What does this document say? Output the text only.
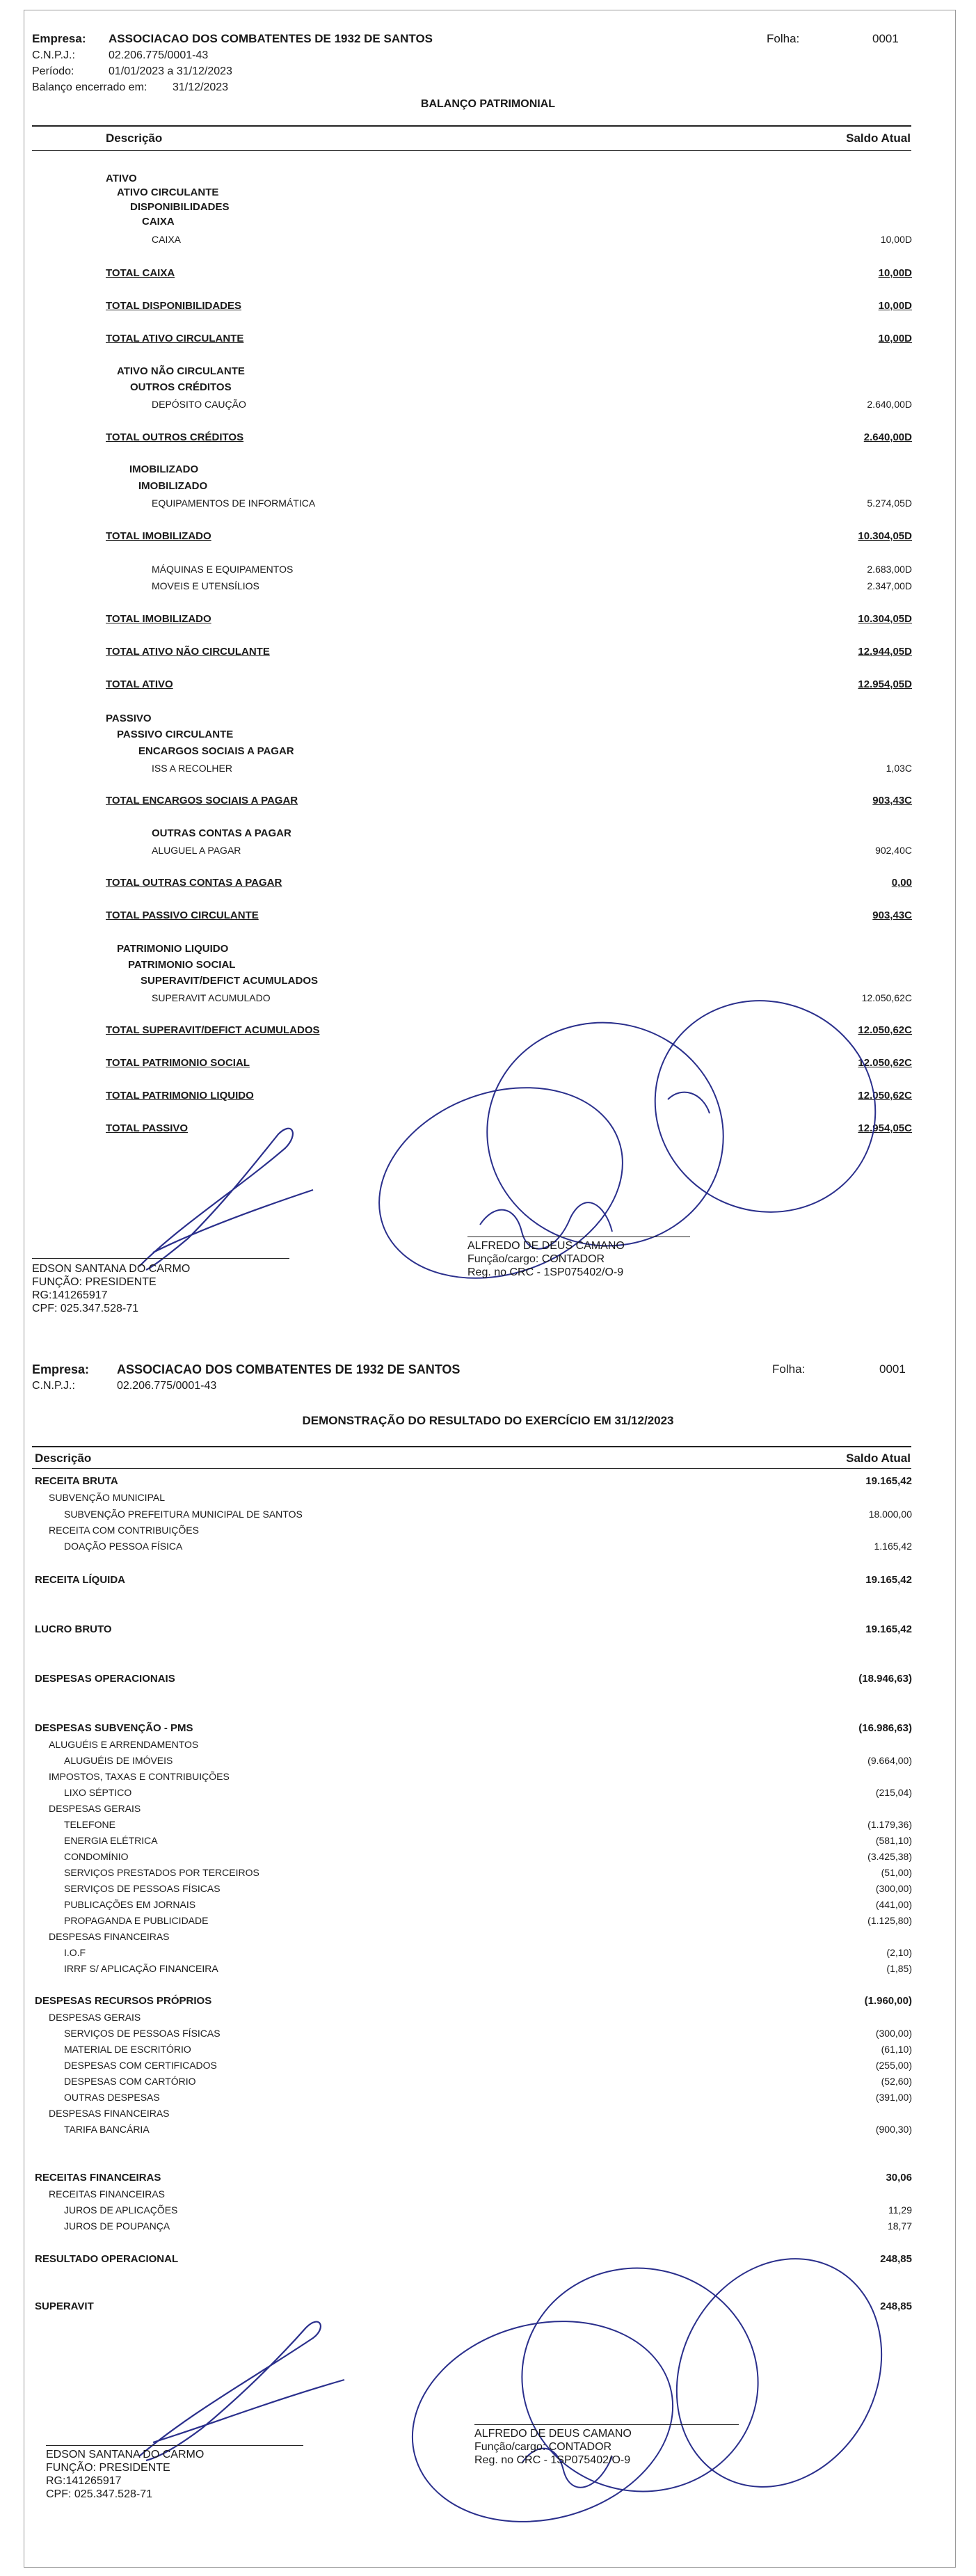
Empresa: ASSOCIACAO DOS COMBATENTES DE 1932 DE SANTOS	Folha:	0001
C.N.P.J.:	02.206.775/0001-43
Período:	01/01/2023 a 31/12/2023
Balanço encerrado em: 31/12/2023
BALANÇO PATRIMONIAL
Descrição	Saldo Atual
ATIVO
ATIVO CIRCULANTE
DISPONIBILIDADES
CAIXA
CAIXA	10,00D
TOTAL CAIXA	10,00D
TOTAL DISPONIBILIDADES	10,00D
TOTAL ATIVO CIRCULANTE	10,00D
ATIVO NÃO CIRCULANTE
OUTROS CRÉDITOS
DEPÓSITO CAUÇÃO	2.640,00D
TOTAL OUTROS CRÉDITOS	2.640,00D
IMOBILIZADO
IMOBILIZADO
EQUIPAMENTOS DE INFORMÁTICA	5.274,05D
TOTAL IMOBILIZADO	10.304,05D
MÁQUINAS E EQUIPAMENTOS	2.683,00D
MOVEIS E UTENSÍLIOS	2.347,00D
TOTAL IMOBILIZADO	10.304,05D
TOTAL ATIVO NÃO CIRCULANTE	12.944,05D
TOTAL ATIVO	12.954,05D
PASSIVO
PASSIVO CIRCULANTE
ENCARGOS SOCIAIS A PAGAR
ISS A RECOLHER	1,03C
TOTAL ENCARGOS SOCIAIS A PAGAR	903,43C
OUTRAS CONTAS A PAGAR
ALUGUEL A PAGAR	902,40C
TOTAL OUTRAS CONTAS A PAGAR	0,00
TOTAL PASSIVO CIRCULANTE	903,43C
PATRIMONIO LIQUIDO
PATRIMONIO SOCIAL
SUPERAVIT/DEFICT ACUMULADOS
SUPERAVIT ACUMULADO	12.050,62C
TOTAL SUPERAVIT/DEFICT ACUMULADOS	12.050,62C
TOTAL PATRIMONIO SOCIAL	12.050,62C
TOTAL PATRIMONIO LIQUIDO	12.050,62C
TOTAL PASSIVO	12.954,05C
EDSON SANTANA DO CARMO
FUNÇÃO: PRESIDENTE
RG:141265917
CPF: 025.347.528-71
ALFREDO DE DEUS CAMANO
Função/cargo: CONTADOR
Reg. no CRC - 1SP075402/O-9
Empresa: ASSOCIACAO DOS COMBATENTES DE 1932 DE SANTOS	Folha:	0001
C.N.P.J.:	02.206.775/0001-43
DEMONSTRAÇÃO DO RESULTADO DO EXERCÍCIO EM 31/12/2023
Descrição	Saldo Atual
RECEITA BRUTA	19.165,42
SUBVENÇÃO MUNICIPAL
SUBVENÇÃO PREFEITURA MUNICIPAL DE SANTOS	18.000,00
RECEITA COM CONTRIBUIÇÕES
DOAÇÃO PESSOA FÍSICA	1.165,42
RECEITA LÍQUIDA	19.165,42
LUCRO BRUTO	19.165,42
DESPESAS OPERACIONAIS	(18.946,63)
DESPESAS SUBVENÇÃO - PMS	(16.986,63)
ALUGUÉIS E ARRENDAMENTOS
ALUGUÉIS DE IMÓVEIS	(9.664,00)
IMPOSTOS, TAXAS E CONTRIBUIÇÕES
LIXO SÉPTICO	(215,04)
DESPESAS GERAIS
TELEFONE	(1.179,36)
ENERGIA ELÉTRICA	(581,10)
CONDOMÍNIO	(3.425,38)
SERVIÇOS PRESTADOS POR TERCEIROS	(51,00)
SERVIÇOS DE PESSOAS FÍSICAS	(300,00)
PUBLICAÇÕES EM JORNAIS	(441,00)
PROPAGANDA E PUBLICIDADE	(1.125,80)
DESPESAS FINANCEIRAS
I.O.F	(2,10)
IRRF S/ APLICAÇÃO FINANCEIRA	(1,85)
DESPESAS RECURSOS PRÓPRIOS	(1.960,00)
DESPESAS GERAIS
SERVIÇOS DE PESSOAS FÍSICAS	(300,00)
MATERIAL DE ESCRITÓRIO	(61,10)
DESPESAS COM CERTIFICADOS	(255,00)
DESPESAS COM CARTÓRIO	(52,60)
OUTRAS DESPESAS	(391,00)
DESPESAS FINANCEIRAS
TARIFA BANCÁRIA	(900,30)
RECEITAS FINANCEIRAS	30,06
RECEITAS FINANCEIRAS
JUROS DE APLICAÇÕES	11,29
JUROS DE POUPANÇA	18,77
RESULTADO OPERACIONAL	248,85
SUPERAVIT	248,85
EDSON SANTANA DO CARMO
FUNÇÃO: PRESIDENTE
RG:141265917
CPF: 025.347.528-71
ALFREDO DE DEUS CAMANO
Função/cargo: CONTADOR
Reg. no CRC - 1SP075402/O-9
